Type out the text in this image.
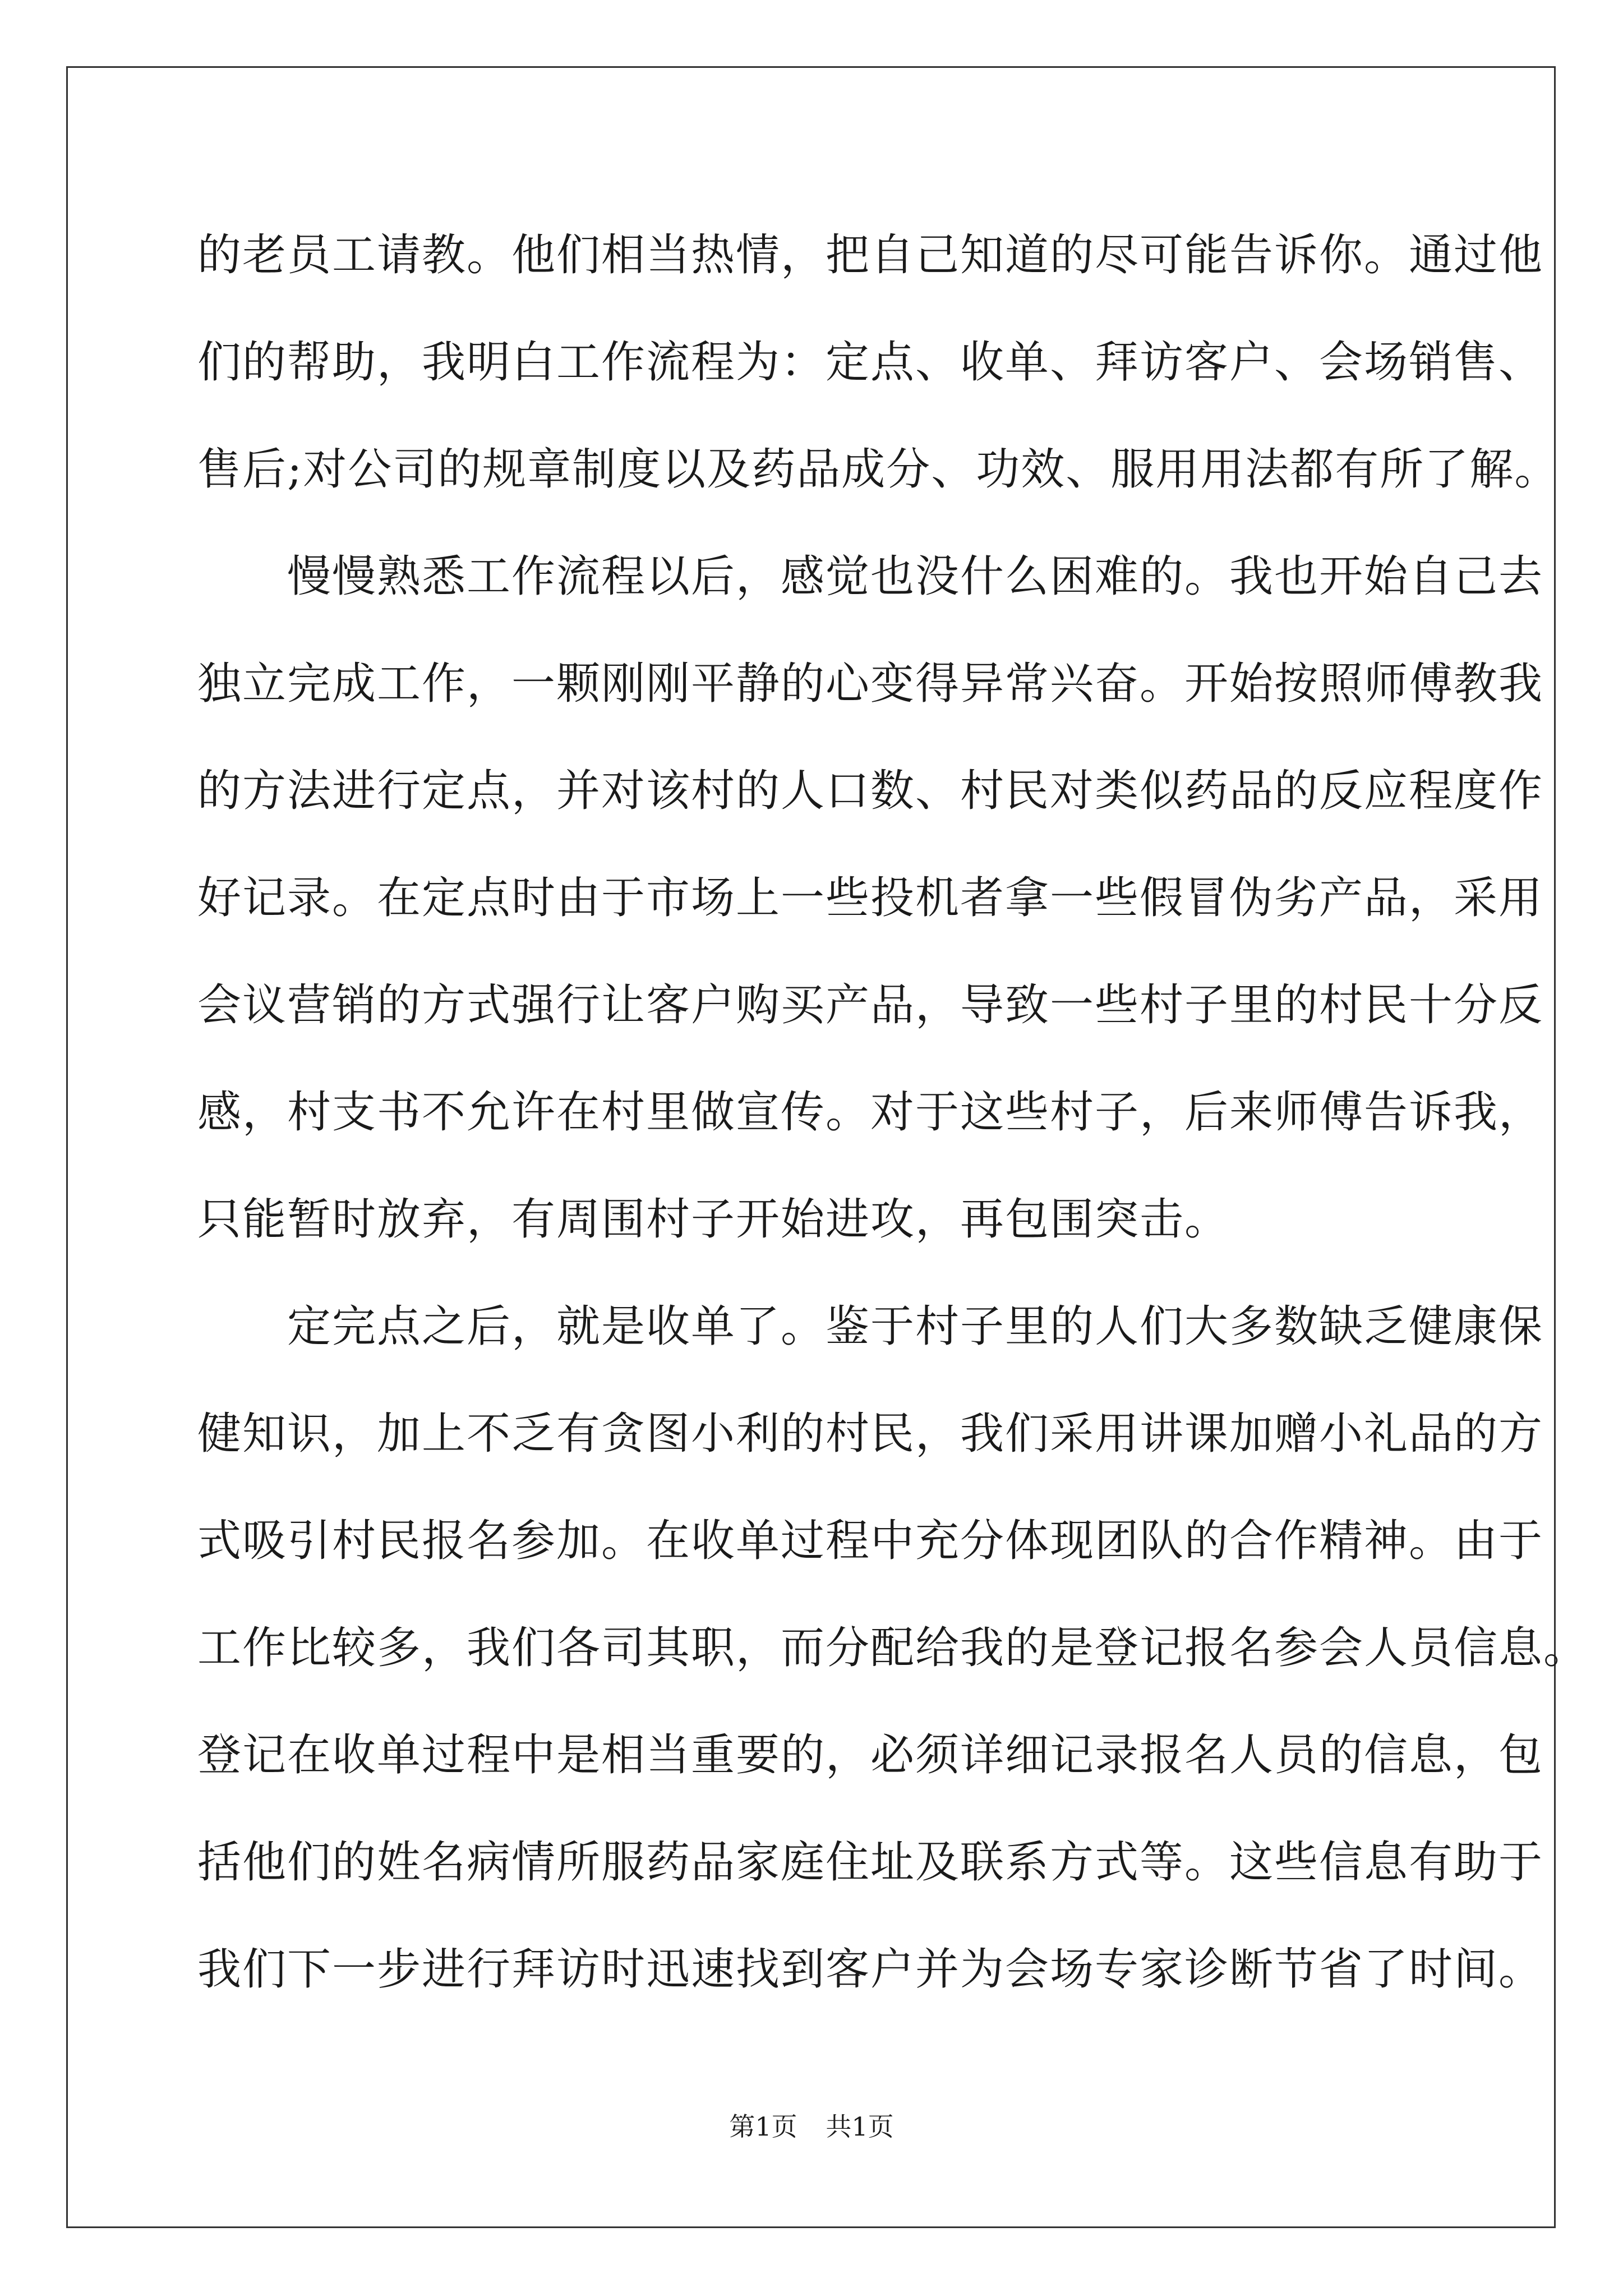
的老员工请教。他们相当热情，把自己知道的尽可能告诉你。通过他
们的帮助，我明白工作流程为：定点、收单、拜访客户、会场销售、
售后;对公司的规章制度以及药品成分、功效、服用用法都有所了解。
　　慢慢熟悉工作流程以后，感觉也没什么困难的。我也开始自己去
独立完成工作，一颗刚刚平静的心变得异常兴奋。开始按照师傅教我
的方法进行定点，并对该村的人口数、村民对类似药品的反应程度作
好记录。在定点时由于市场上一些投机者拿一些假冒伪劣产品，采用
会议营销的方式强行让客户购买产品，导致一些村子里的村民十分反
感，村支书不允许在村里做宣传。对于这些村子，后来师傅告诉我，
只能暂时放弃，有周围村子开始进攻，再包围突击。
　　定完点之后，就是收单了。鉴于村子里的人们大多数缺乏健康保
健知识，加上不乏有贪图小利的村民，我们采用讲课加赠小礼品的方
式吸引村民报名参加。在收单过程中充分体现团队的合作精神。由于
工作比较多，我们各司其职，而分配给我的是登记报名参会人员信息。
登记在收单过程中是相当重要的，必须详细记录报名人员的信息，包
括他们的姓名病情所服药品家庭住址及联系方式等。这些信息有助于
我们下一步进行拜访时迅速找到客户并为会场专家诊断节省了时间。
第1页 共1页
